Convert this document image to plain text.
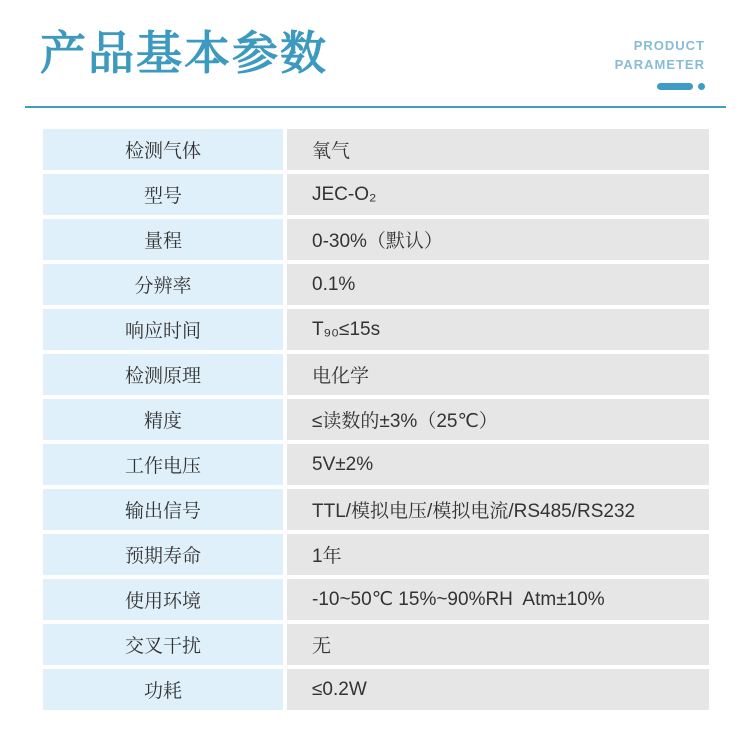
产品基本参数	PRODUCT
PARAMETER
检测气体	氧气
型号	JEC-O₂
量程	0-30%（默认）
分辨率	0.1%
响应时间	T₉₀≤15s
检测原理	电化学
精度	≤读数的±3%（25℃）
工作电压	5V±2%
输出信号	TTL/模拟电压/模拟电流/RS485/RS232
预期寿命	1年
使用环境	-10~50℃ 15%~90%RH  Atm±10%
交叉干扰	无
功耗	≤0.2W
